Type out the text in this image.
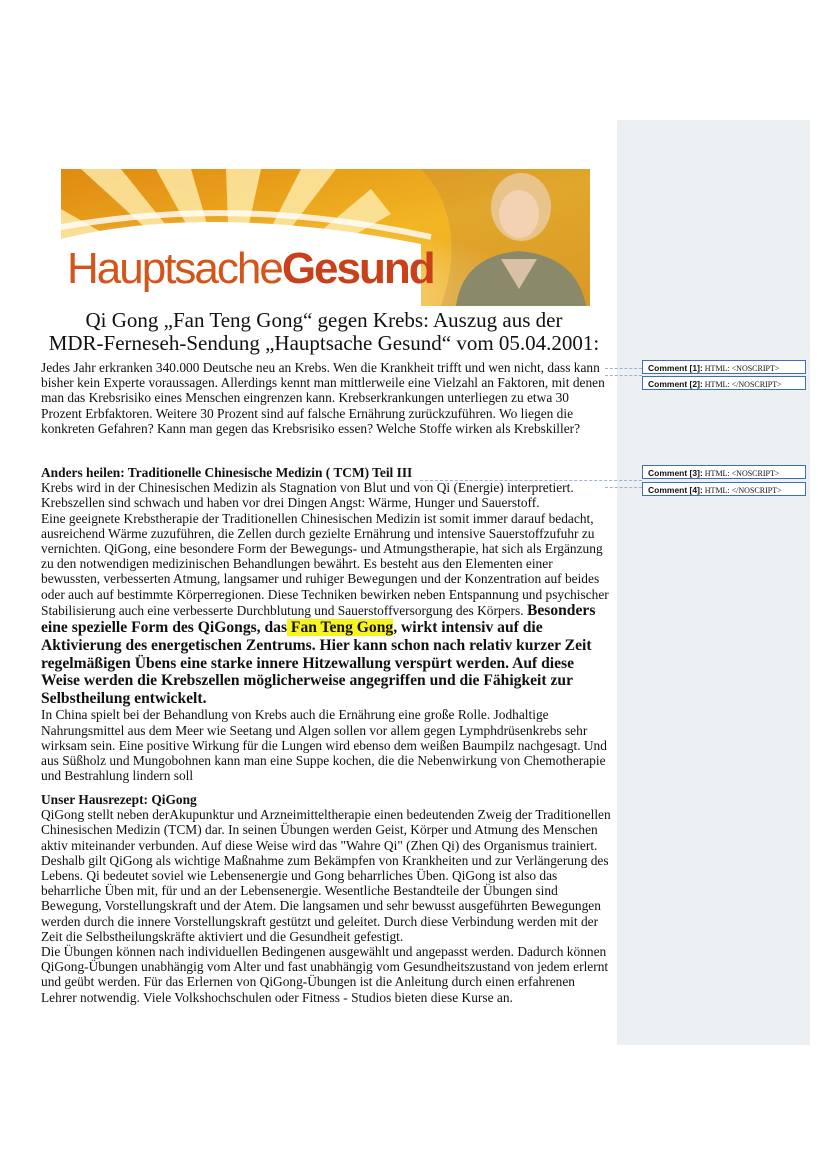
HauptsacheGesund
Qi Gong „Fan Teng Gong“ gegen Krebs: Auszug aus der
MDR-Ferneseh-Sendung „Hauptsache Gesund“ vom 05.04.2001:

Jedes Jahr erkranken 340.000 Deutsche neu an Krebs. Wen die Krankheit trifft und wen nicht, dass kann bisher kein Experte voraussagen. Allerdings kennt man mittlerweile eine Vielzahl an Faktoren, mit denen man das Krebsrisiko eines Menschen eingrenzen kann. Krebserkrankungen unterliegen zu etwa 30 Prozent Erbfaktoren. Weitere 30 Prozent sind auf falsche Ernährung zurückzuführen. Wo liegen die konkreten Gefahren? Kann man gegen das Krebsrisiko essen? Welche Stoffe wirken als Krebskiller?

Anders heilen: Traditionelle Chinesische Medizin ( TCM) Teil III

Krebs wird in der Chinesischen Medizin als Stagnation von Blut und von Qi (Energie) interpretiert. Krebszellen sind schwach und haben vor drei Dingen Angst: Wärme, Hunger und Sauerstoff.

Eine geeignete Krebstherapie der Traditionellen Chinesischen Medizin ist somit immer darauf bedacht, ausreichend Wärme zuzuführen, die Zellen durch gezielte Ernährung und intensive Sauerstoffzufuhr zu vernichten. QiGong, eine besondere Form der Bewegungs- und Atmungstherapie, hat sich als Ergänzung zu den notwendigen medizinischen Behandlungen bewährt. Es besteht aus den Elementen einer bewussten, verbesserten Atmung, langsamer und ruhiger Bewegungen und der Konzentration auf beides oder auch auf bestimmte Körperregionen. Diese Techniken bewirken neben Entspannung und psychischer Stabilisierung auch eine verbesserte Durchblutung und Sauerstoffversorgung des Körpers. Besonders eine spezielle Form des QiGongs, das Fan Teng Gong, wirkt intensiv auf die Aktivierung des energetischen Zentrums. Hier kann schon nach relativ kurzer Zeit regelmäßigen Übens eine starke innere Hitzewallung verspürt werden. Auf diese Weise werden die Krebszellen möglicherweise angegriffen und die Fähigkeit zur Selbstheilung entwickelt.

In China spielt bei der Behandlung von Krebs auch die Ernährung eine große Rolle. Jodhaltige Nahrungsmittel aus dem Meer wie Seetang und Algen sollen vor allem gegen Lymphdrüsenkrebs sehr wirksam sein. Eine positive Wirkung für die Lungen wird ebenso dem weißen Baumpilz nachgesagt. Und aus Süßholz und Mungobohnen kann man eine Suppe kochen, die die Nebenwirkung von Chemotherapie und Bestrahlung lindern soll

Unser Hausrezept: QiGong

QiGong stellt neben derAkupunktur und Arzneimitteltherapie einen bedeutenden Zweig der Traditionellen Chinesischen Medizin (TCM) dar. In seinen Übungen werden Geist, Körper und Atmung des Menschen aktiv miteinander verbunden. Auf diese Weise wird das "Wahre Qi" (Zhen Qi) des Organismus trainiert. Deshalb gilt QiGong als wichtige Maßnahme zum Bekämpfen von Krankheiten und zur Verlängerung des Lebens. Qi bedeutet soviel wie Lebensenergie und Gong beharrliches Üben. QiGong ist also das beharrliche Üben mit, für und an der Lebensenergie. Wesentliche Bestandteile der Übungen sind Bewegung, Vorstellungskraft und der Atem. Die langsamen und sehr bewusst ausgeführten Bewegungen werden durch die innere Vorstellungskraft gestützt und geleitet. Durch diese Verbindung werden mit der Zeit die Selbstheilungskräfte aktiviert und die Gesundheit gefestigt.

Die Übungen können nach individuellen Bedingenen ausgewählt und angepasst werden. Dadurch können QiGong-Übungen unabhängig vom Alter und fast unabhängig vom Gesundheitszustand von jedem erlernt und geübt werden. Für das Erlernen von QiGong-Übungen ist die Anleitung durch einen erfahrenen Lehrer notwendig. Viele Volkshochschulen oder Fitness - Studios bieten diese Kurse an.

Comment [1]: HTML: <NOSCRIPT>
Comment [2]: HTML: </NOSCRIPT>
Comment [3]: HTML: <NOSCRIPT>
Comment [4]: HTML: </NOSCRIPT>
